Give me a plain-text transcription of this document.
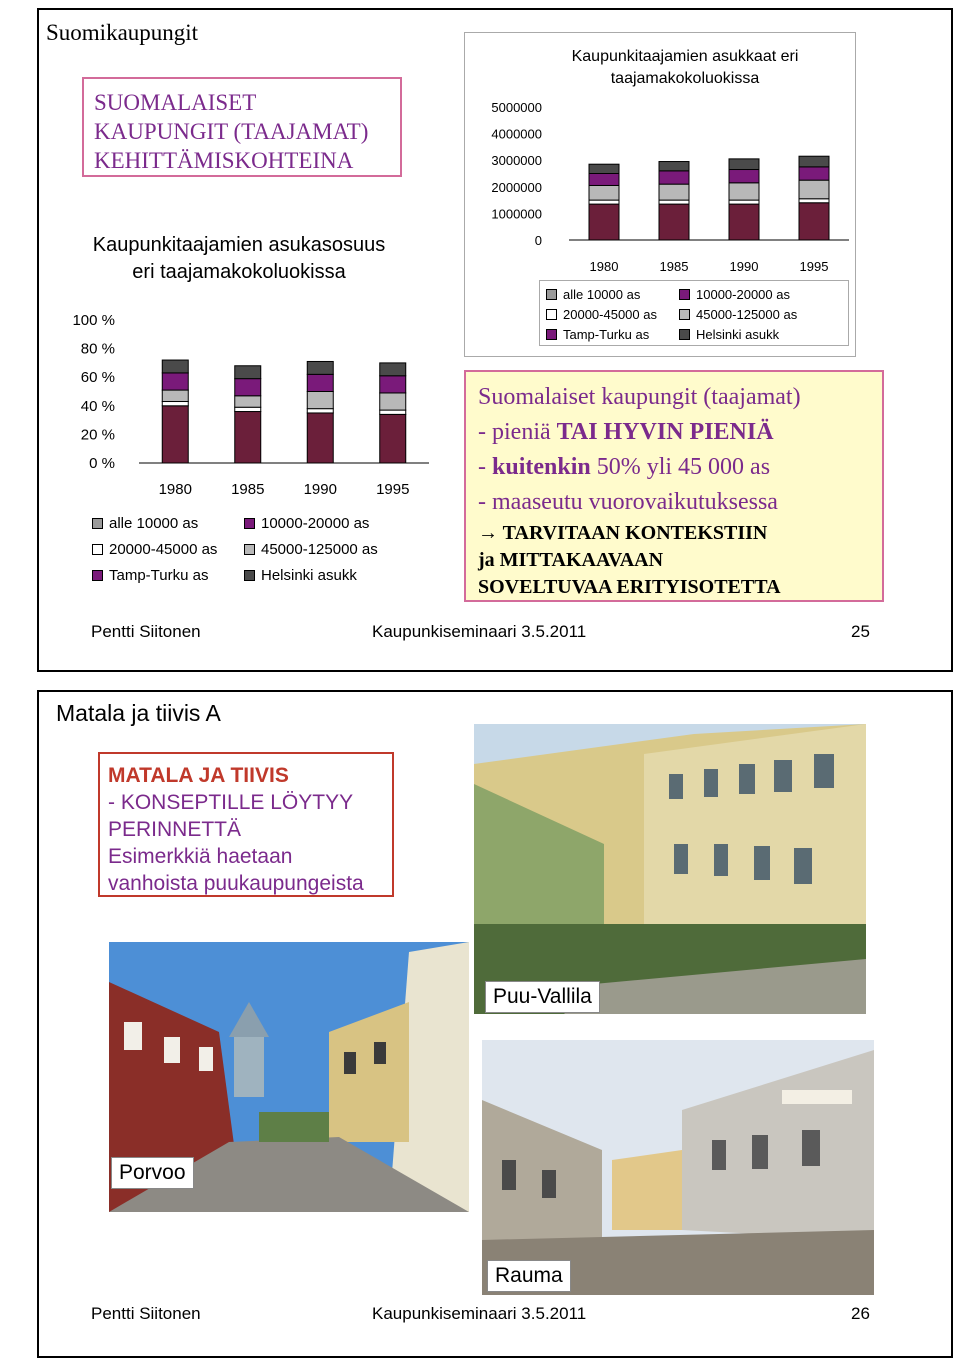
Suomikaupungit
SUOMALAISET
KAUPUNGIT (TAAJAMAT)
KEHITTÄMISKOHTEINA
Kaupunkitaajamien asukasosuus
eri taajamakokoluokissa
0 %
20 %
40 %
60 %
80 %
100 %
1980	1985	1990	1995
alle 10000 as	10000-20000 as
20000-45000 as	45000-125000 as
Tamp-Turku as	Helsinki asukk
Kaupunkitaajamien asukkaat eri
taajamakokoluokissa
0
1000000
2000000
3000000
4000000
5000000
1980	1985	1990	1995
alle 10000 as	10000-20000 as
20000-45000 as	45000-125000 as
Tamp-Turku as	Helsinki asukk
Suomalaiset kaupungit (taajamat)
- pieniä TAI HYVIN PIENIÄ
- kuitenkin 50% yli 45 000 as
- maaseutu vuorovaikutuksessa
→ TARVITAAN KONTEKSTIIN
ja MITTAKAAVAAN
SOVELTUVAA ERITYISOTETTA
Pentti Siitonen	Kaupunkiseminaari 3.5.2011	25
Matala ja tiivis A
MATALA JA TIIVIS
- KONSEPTILLE LÖYTYY
PERINNETTÄ
Esimerkkiä haetaan
vanhoista puukaupungeista
Puu-Vallila
Porvoo
Rauma
Pentti Siitonen	Kaupunkiseminaari 3.5.2011	26
